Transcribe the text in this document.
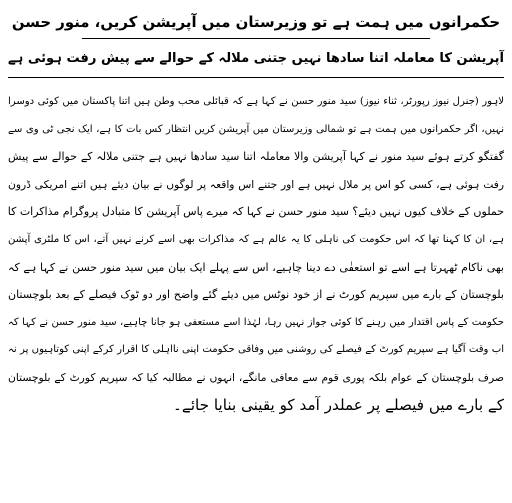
حکمرانوں میں ہمت ہے تو وزیرستان میں آپریشن کریں، منور حسن

آپریشن کا معاملہ اتنا سادھا نہیں جتنی ملالہ کے حوالے سے پیش رفت ہوئی ہے

لاہور (جنرل نیوز رپورٹر، ثناء نیوز) سید منور حسن نے کہا ہے کہ قبائلی محب وطن ہیں اتنا پاکستان میں کوئی دوسرا

نہیں، اگر حکمرانوں میں ہمت ہے تو شمالی وزیرستان میں آپریشن کریں انتظار کس بات کا ہے، ایک نجی ٹی وی سے

گفتگو کرتے ہوئے سید منور نے کہا آپریشن والا معاملہ اتنا سید سادھا نہیں ہے جتنی ملالہ کے حوالے سے پیش

رفت ہوئی ہے، کسی کو اس پر ملال نہیں ہے اور جتنے اس واقعہ پر لوگوں نے بیان دیئے ہیں اتنے امریکی ڈرون

حملوں کے خلاف کیوں نہیں دیئے؟ سید منور حسن نے کہا کہ میرے پاس آپریشن کا متبادل پروگرام مذاکرات کا

ہے، ان کا کہنا تھا کہ اس حکومت کی ناہلی کا یہ عالم ہے کہ مذاکرات بھی اسے کرنے نہیں آتے، اس کا ملٹری آپشن

بھی ناکام ٹھہرتا ہے اسے تو استعفٰی دے دینا چاہیے، اس سے پہلے ایک بیان میں سید منور حسن نے کہا ہے کہ

بلوچستان کے بارے میں سپریم کورٹ نے از خود نوٹس میں دیئے گئے واضح اور دو ٹوک فیصلے کے بعد بلوچستان

حکومت کے پاس اقتدار میں رہنے کا کوئی جواز نہیں رہا، لہٰذا اسے مستعفی ہو جانا چاہیے، سید منور حسن نے کہا کہ

اب وقت آگیا ہے سپریم کورٹ کے فیصلے کی روشنی میں وفاقی حکومت اپنی نااہلی کا اقرار کرکے اپنی کوتاہیوں پر نہ

صرف بلوچستان کے عوام بلکہ پوری قوم سے معافی مانگے، انہوں نے مطالبہ کیا کہ سپریم کورٹ کے بلوچستان

کے بارے میں فیصلے پر عملدر آمد کو یقینی بنایا جائے۔
